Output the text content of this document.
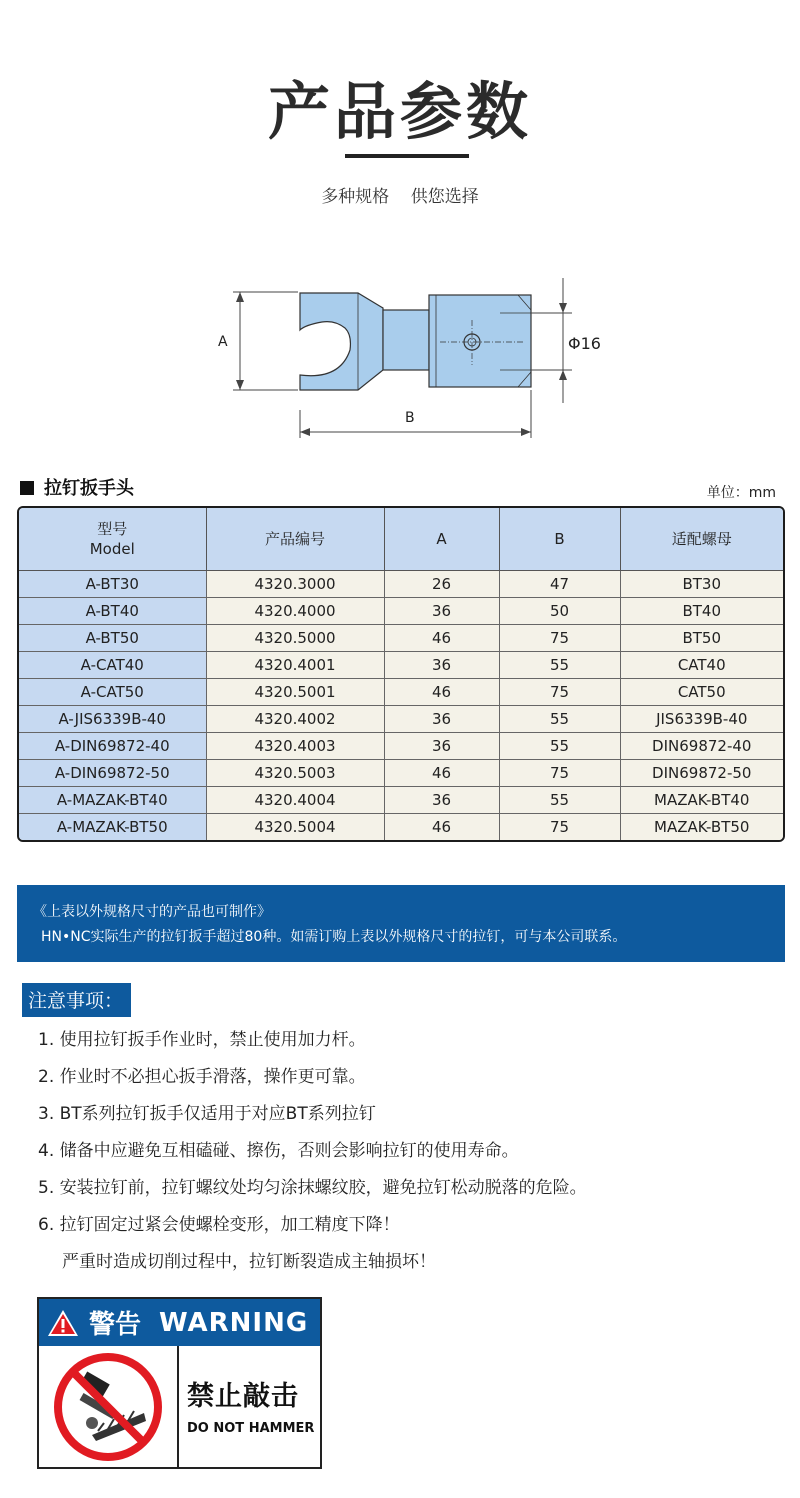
产品参数
多种规格    供您选择
A	Φ16
B
拉钉扳手头	单位：mm
型号
Model	产品编号	A	B	适配螺母
A-BT30	4320.3000	26	47	BT30
A-BT40	4320.4000	36	50	BT40
A-BT50	4320.5000	46	75	BT50
A-CAT40	4320.4001	36	55	CAT40
A-CAT50	4320.5001	46	75	CAT50
A-JIS6339B-40	4320.4002	36	55	JIS6339B-40
A-DIN69872-40	4320.4003	36	55	DIN69872-40
A-DIN69872-50	4320.5003	46	75	DIN69872-50
A-MAZAK-BT40	4320.4004	36	55	MAZAK-BT40
A-MAZAK-BT50	4320.5004	46	75	MAZAK-BT50
《上表以外规格尺寸的产品也可制作》
HN•NC实际生产的拉钉扳手超过80种。如需订购上表以外规格尺寸的拉钉，可与本公司联系。
注意事项：
1. 使用拉钉扳手作业时，禁止使用加力杆。
2. 作业时不必担心扳手滑落，操作更可靠。
3. BT系列拉钉扳手仅适用于对应BT系列拉钉
4. 储备中应避免互相磕碰、擦伤，否则会影响拉钉的使用寿命。
5. 安装拉钉前，拉钉螺纹处均匀涂抹螺纹胶，避免拉钉松动脱落的危险。
6. 拉钉固定过紧会使螺栓变形，加工精度下降！
严重时造成切削过程中，拉钉断裂造成主轴损坏！
警告 WARNING
禁止敲击
DO NOT HAMMER
